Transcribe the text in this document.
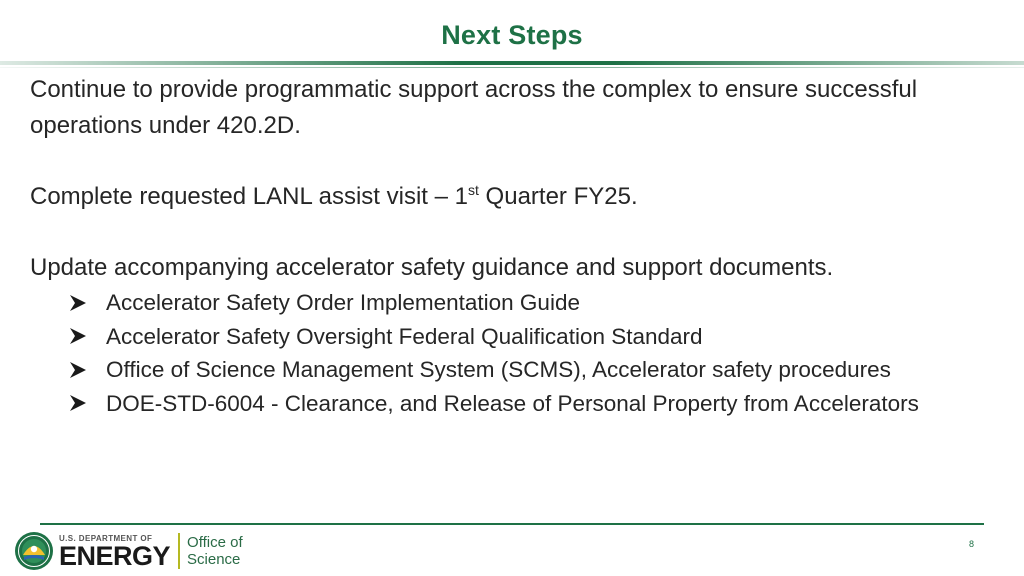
Next Steps

Continue to provide programmatic support across the complex to ensure successful operations under 420.2D.

Complete requested LANL assist visit – 1st Quarter FY25.

Update accompanying accelerator safety guidance and support documents.

Accelerator Safety Order Implementation Guide
Accelerator Safety Oversight Federal Qualification Standard
Office of Science Management System (SCMS), Accelerator safety procedures
DOE-STD-6004 - Clearance, and Release of Personal Property from Accelerators
U.S. DEPARTMENT OF
ENERGY Office of
Science
8
